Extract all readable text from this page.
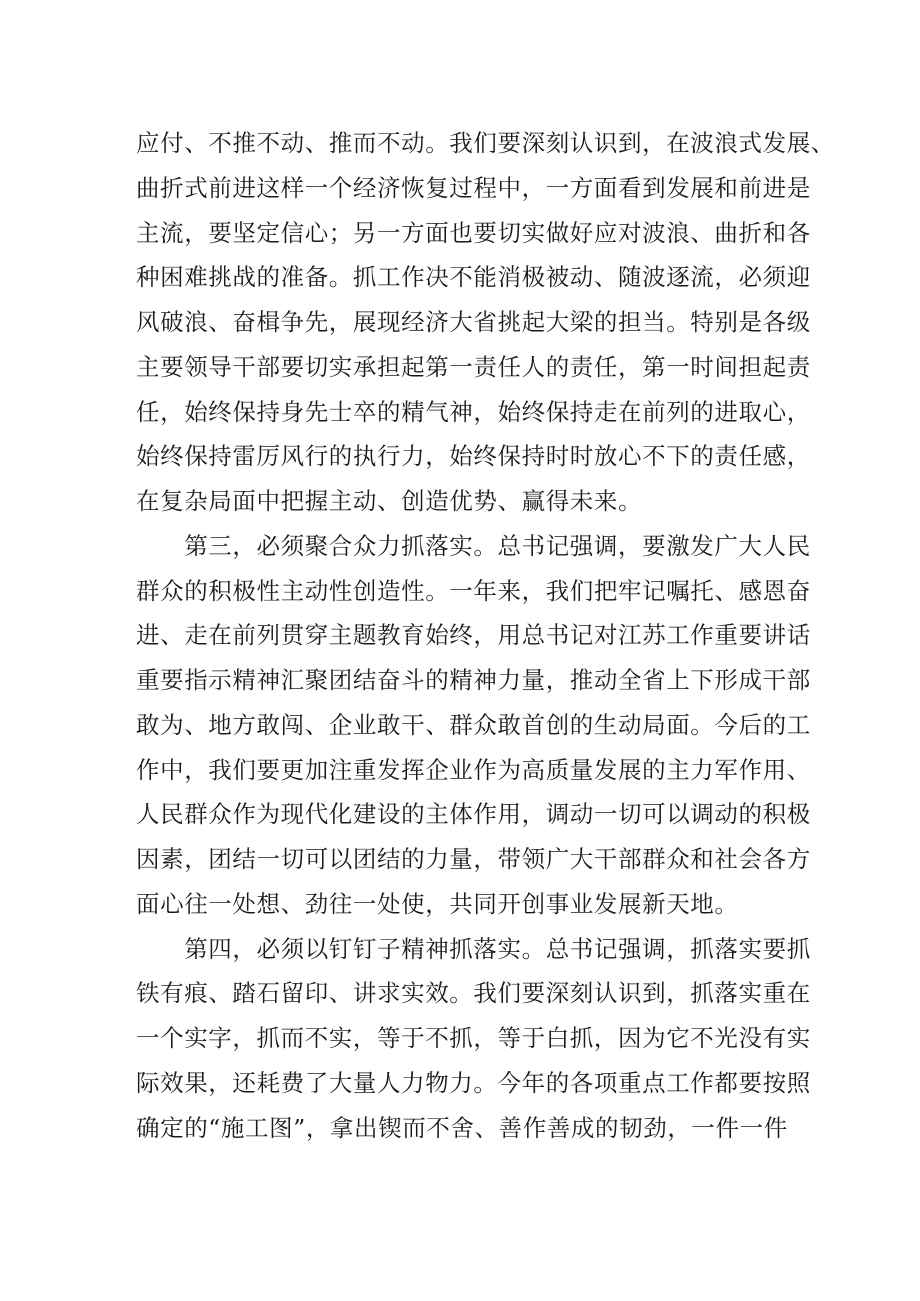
应付、不推不动、推而不动。我们要深刻认识到，在波浪式发展、
曲折式前进这样一个经济恢复过程中，一方面看到发展和前进是
主流，要坚定信心；另一方面也要切实做好应对波浪、曲折和各
种困难挑战的准备。抓工作决不能消极被动、随波逐流，必须迎
风破浪、奋楫争先，展现经济大省挑起大梁的担当。特别是各级
主要领导干部要切实承担起第一责任人的责任，第一时间担起责
任，始终保持身先士卒的精气神，始终保持走在前列的进取心，
始终保持雷厉风行的执行力，始终保持时时放心不下的责任感，
在复杂局面中把握主动、创造优势、赢得未来。
　　第三，必须聚合众力抓落实。总书记强调，要激发广大人民
群众的积极性主动性创造性。一年来，我们把牢记嘱托、感恩奋
进、走在前列贯穿主题教育始终，用总书记对江苏工作重要讲话
重要指示精神汇聚团结奋斗的精神力量，推动全省上下形成干部
敢为、地方敢闯、企业敢干、群众敢首创的生动局面。今后的工
作中，我们要更加注重发挥企业作为高质量发展的主力军作用、
人民群众作为现代化建设的主体作用，调动一切可以调动的积极
因素，团结一切可以团结的力量，带领广大干部群众和社会各方
面心往一处想、劲往一处使，共同开创事业发展新天地。
　　第四，必须以钉钉子精神抓落实。总书记强调，抓落实要抓
铁有痕、踏石留印、讲求实效。我们要深刻认识到，抓落实重在
一个实字，抓而不实，等于不抓，等于白抓，因为它不光没有实
际效果，还耗费了大量人力物力。今年的各项重点工作都要按照
确定的“施工图”，拿出锲而不舍、善作善成的韧劲，一件一件
